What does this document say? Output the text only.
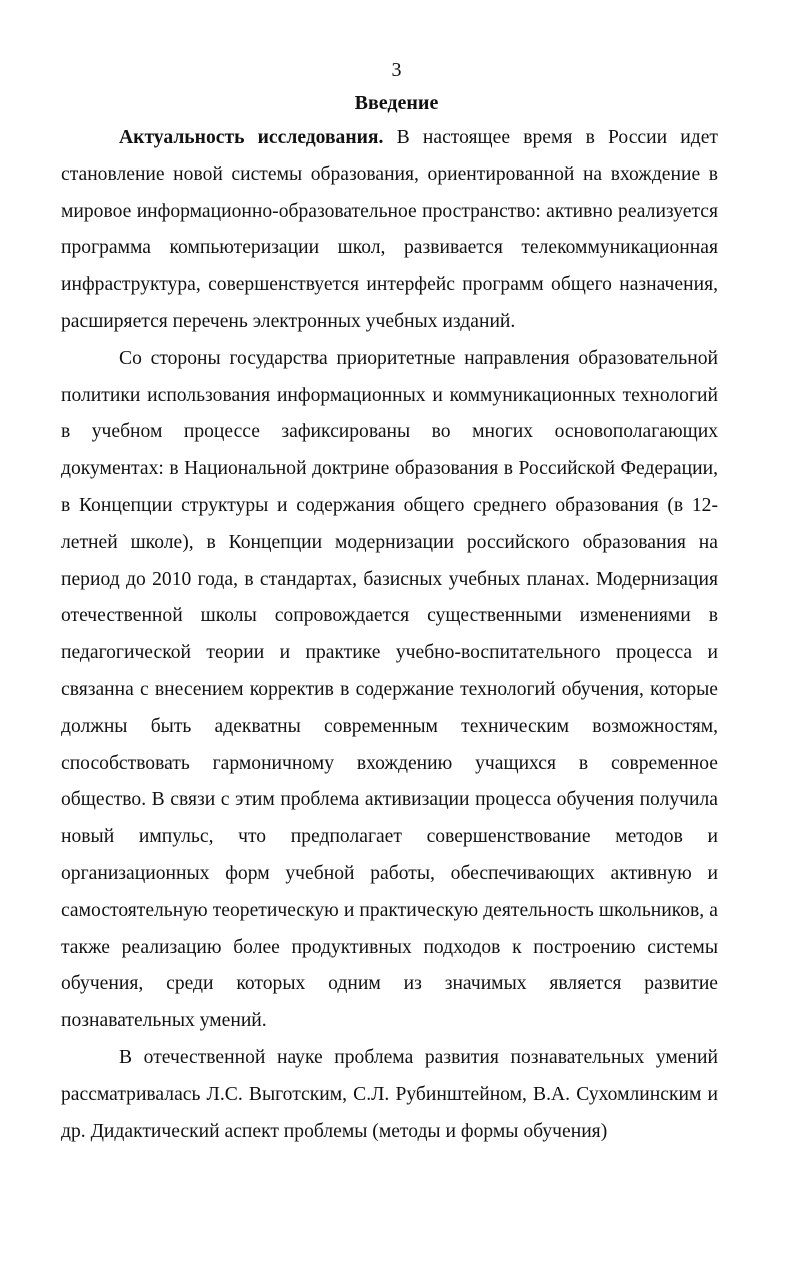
3
Введение

Актуальность исследования. В настоящее время в России идет становление новой системы образования, ориентированной на вхождение в мировое информационно-образовательное пространство: активно реализуется программа компьютеризации школ, развивается телекоммуникационная инфраструктура, совершенствуется интерфейс программ общего назначения, расширяется перечень электронных учебных изданий.

Со стороны государства приоритетные направления образовательной политики использования информационных и коммуникационных технологий в учебном процессе зафиксированы во многих основополагающих документах: в Национальной доктрине образования в Российской Федерации, в Концепции структуры и содержания общего среднего образования (в 12-летней школе), в Концепции модернизации российского образования на период до 2010 года, в стандартах, базисных учебных планах. Модернизация отечественной школы сопровождается существенными изменениями в педагогической теории и практике учебно-воспитательного процесса и связанна с внесением корректив в содержание технологий обучения, которые должны быть адекватны современным техническим возможностям, способствовать гармоничному вхождению учащихся в современное общество. В связи с этим проблема активизации процесса обучения получила новый импульс, что предполагает совершенствование методов и организационных форм учебной работы, обеспечивающих активную и самостоятельную теоретическую и практическую деятельность школьников, а также реализацию более продуктивных подходов к построению системы обучения, среди которых одним из значимых является развитие познавательных умений.

В отечественной науке проблема развития познавательных умений рассматривалась Л.С. Выготским, С.Л. Рубинштейном, В.А. Сухомлинским и др. Дидактический аспект проблемы (методы и формы обучения)
